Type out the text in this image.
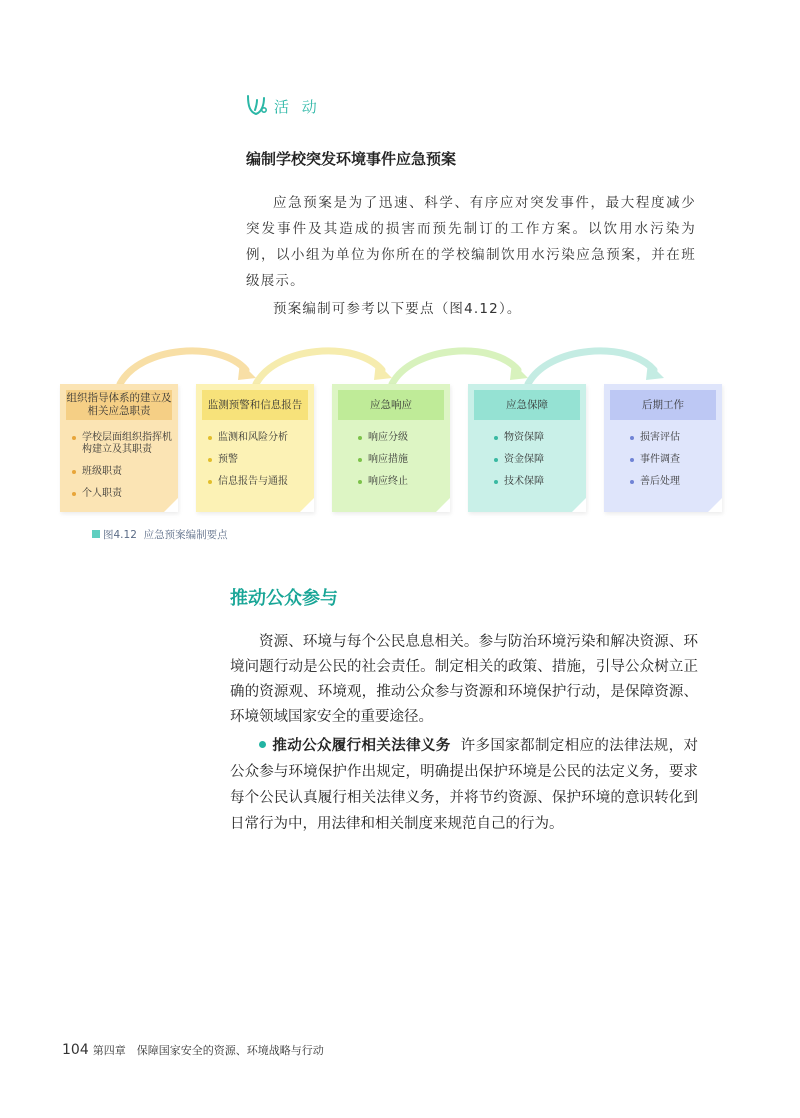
活 动
编制学校突发环境事件应急预案
应急预案是为了迅速、科学、有序应对突发事件，最大程度减少突发事件及其造成的损害而预先制订的工作方案。以饮用水污染为例，以小组为单位为你所在的学校编制饮用水污染应急预案，并在班级展示。
预案编制可参考以下要点（图4.12）。
组织指导体系的建立及相关应急职责
学校层面组织指挥机构建立及其职责
班级职责
个人职责
监测预警和信息报告
监测和风险分析
预警
信息报告与通报
应急响应
响应分级
响应措施
响应终止
应急保障
物资保障
资金保障
技术保障
后期工作
损害评估
事件调查
善后处理
图4.12 应急预案编制要点
推动公众参与
资源、环境与每个公民息息相关。参与防治环境污染和解决资源、环境问题行动是公民的社会责任。制定相关的政策、措施，引导公众树立正确的资源观、环境观，推动公众参与资源和环境保护行动，是保障资源、环境领域国家安全的重要途径。
推动公众履行相关法律义务 许多国家都制定相应的法律法规，对公众参与环境保护作出规定，明确提出保护环境是公民的法定义务，要求每个公民认真履行相关法律义务，并将节约资源、保护环境的意识转化到日常行为中，用法律和相关制度来规范自己的行为。
104 第四章　保障国家安全的资源、环境战略与行动
